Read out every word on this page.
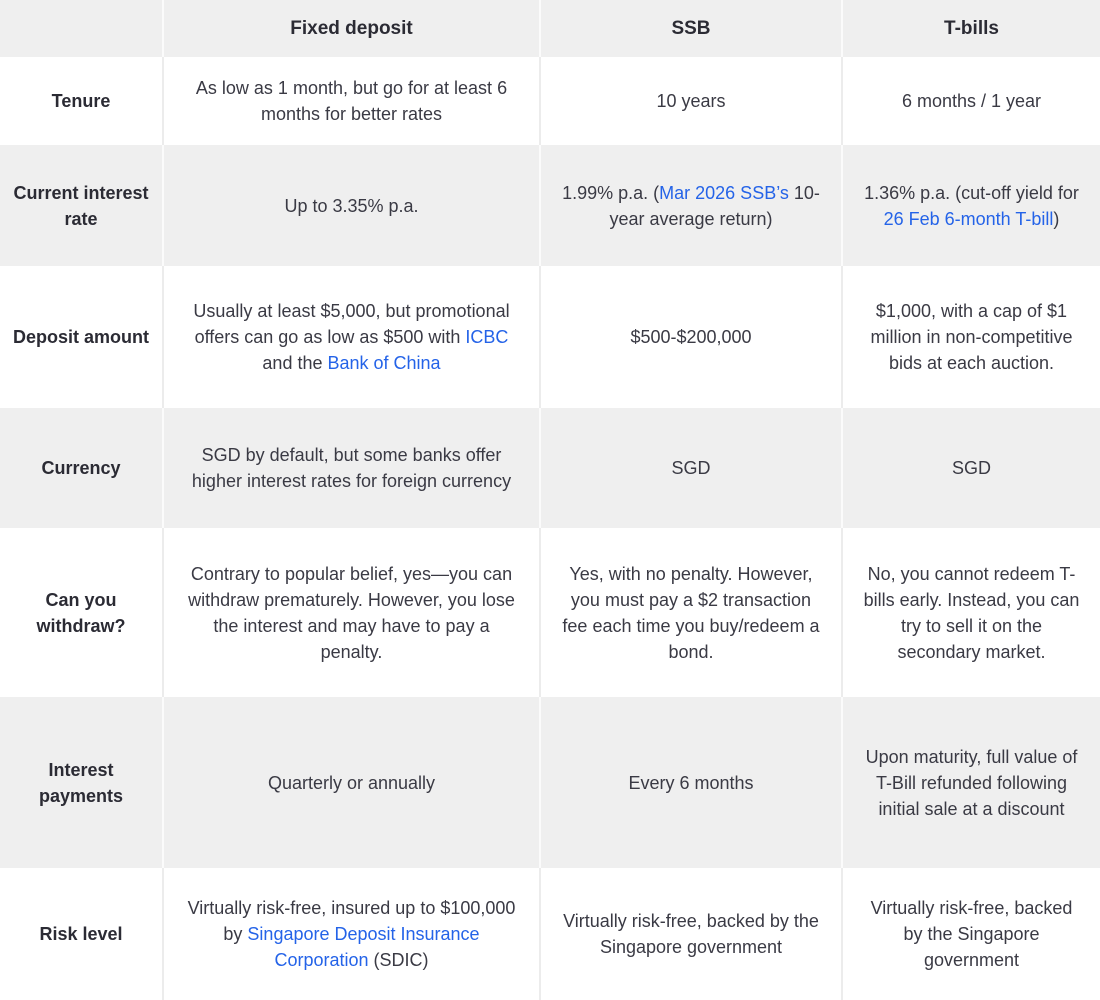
	Fixed deposit	SSB	T-bills
Tenure	As low as 1 month, but go for at least 6 months for better rates	10 years	6 months / 1 year
Current interest rate	Up to 3.35% p.a.	1.99% p.a. (Mar 2026 SSB’s 10-year average return)	1.36% p.a. (cut-off yield for 26 Feb 6-month T-bill)
Deposit amount	Usually at least $5,000, but promotional offers can go as low as $500 with ICBC and the Bank of China	$500-$200,000	$1,000, with a cap of $1 million in non-competitive bids at each auction.
Currency	SGD by default, but some banks offer higher interest rates for foreign currency	SGD	SGD
Can you withdraw?	Contrary to popular belief, yes—you can withdraw prematurely. However, you lose the interest and may have to pay a penalty.	Yes, with no penalty. However, you must pay a $2 transaction fee each time you buy/redeem a bond.	No, you cannot redeem T-bills early. Instead, you can try to sell it on the secondary market.
Interest payments	Quarterly or annually	Every 6 months	Upon maturity, full value of T-Bill refunded following initial sale at a discount
Risk level	Virtually risk-free, insured up to $100,000 by Singapore Deposit Insurance Corporation (SDIC)	Virtually risk-free, backed by the Singapore government	Virtually risk-free, backed by the Singapore government
